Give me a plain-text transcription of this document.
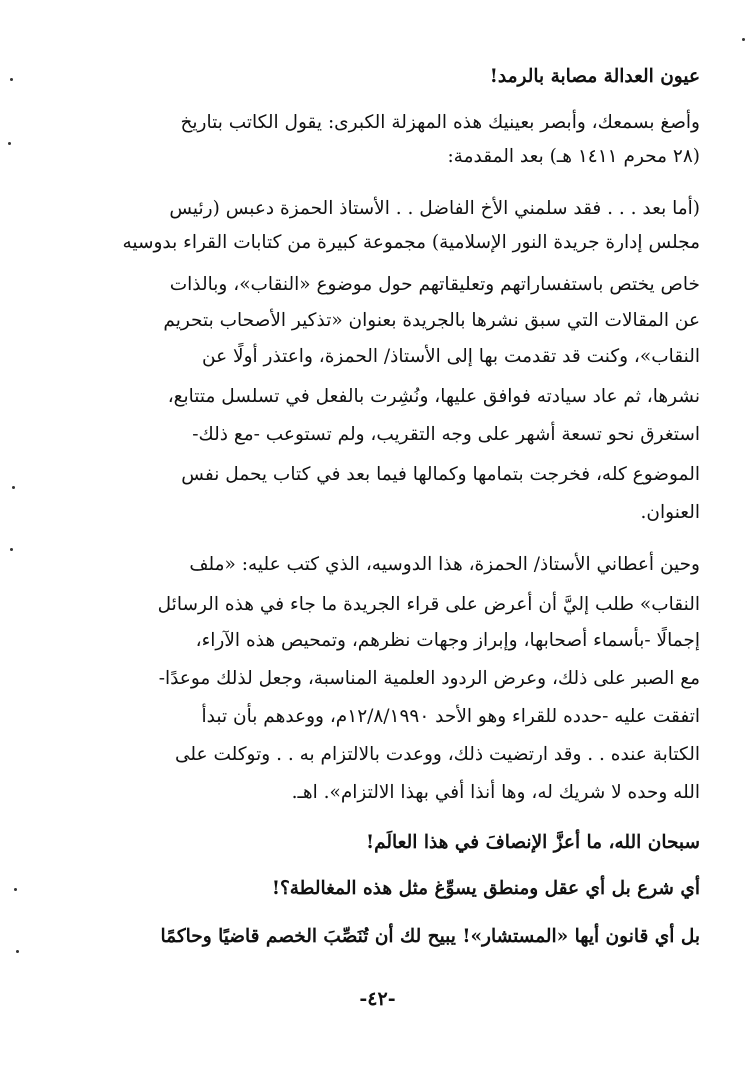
عيون العدالة مصابة بالرمد!
وأصغ بسمعك، وأبصر بعينيك هذه المهزلة الكبرى: يقول الكاتب بتاريخ
(٢٨ محرم ١٤١١ هـ) بعد المقدمة:
(أما بعد . . . فقد سلمني الأخ الفاضل . . الأستاذ الحمزة دعبس (رئيس
مجلس إدارة جريدة النور الإسلامية) مجموعة كبيرة من كتابات القراء بدوسيه
خاص يختص باستفساراتهم وتعليقاتهم حول موضوع «النقاب»، وبالذات
عن المقالات التي سبق نشرها بالجريدة بعنوان «تذكير الأصحاب بتحريم
النقاب»، وكنت قد تقدمت بها إلى الأستاذ/ الحمزة، واعتذر أولًا عن
نشرها، ثم عاد سيادته فوافق عليها، ونُشِرت بالفعل في تسلسل متتابع،
استغرق نحو تسعة أشهر على وجه التقريب، ولم تستوعب -مع ذلك-
الموضوع كله، فخرجت بتمامها وكمالها فيما بعد في كتاب يحمل نفس
العنوان.
وحين أعطاني الأستاذ/ الحمزة، هذا الدوسيه، الذي كتب عليه: «ملف
النقاب» طلب إليَّ أن أعرض على قراء الجريدة ما جاء في هذه الرسائل
إجمالًا -بأسماء أصحابها، وإبراز وجهات نظرهم، وتمحيص هذه الآراء،
مع الصبر على ذلك، وعرض الردود العلمية المناسبة، وجعل لذلك موعدًا-
اتفقت عليه -حدده للقراء وهو الأحد ١٢/٨/١٩٩٠م، ووعدهم بأن تبدأ
الكتابة عنده . . وقد ارتضيت ذلك، ووعدت بالالتزام به . . وتوكلت على
الله وحده لا شريك له، وها أنذا أفي بهذا الالتزام». اهـ.
سبحان الله، ما أعزَّ الإنصافَ في هذا العالَم!
أي شرع بل أي عقل ومنطق يسوِّغ مثل هذه المغالطة؟!
بل أي قانون أيها «المستشار»! يبيح لك أن تُنَصِّبَ الخصم قاضيًا وحاكمًا
-٤٢-
